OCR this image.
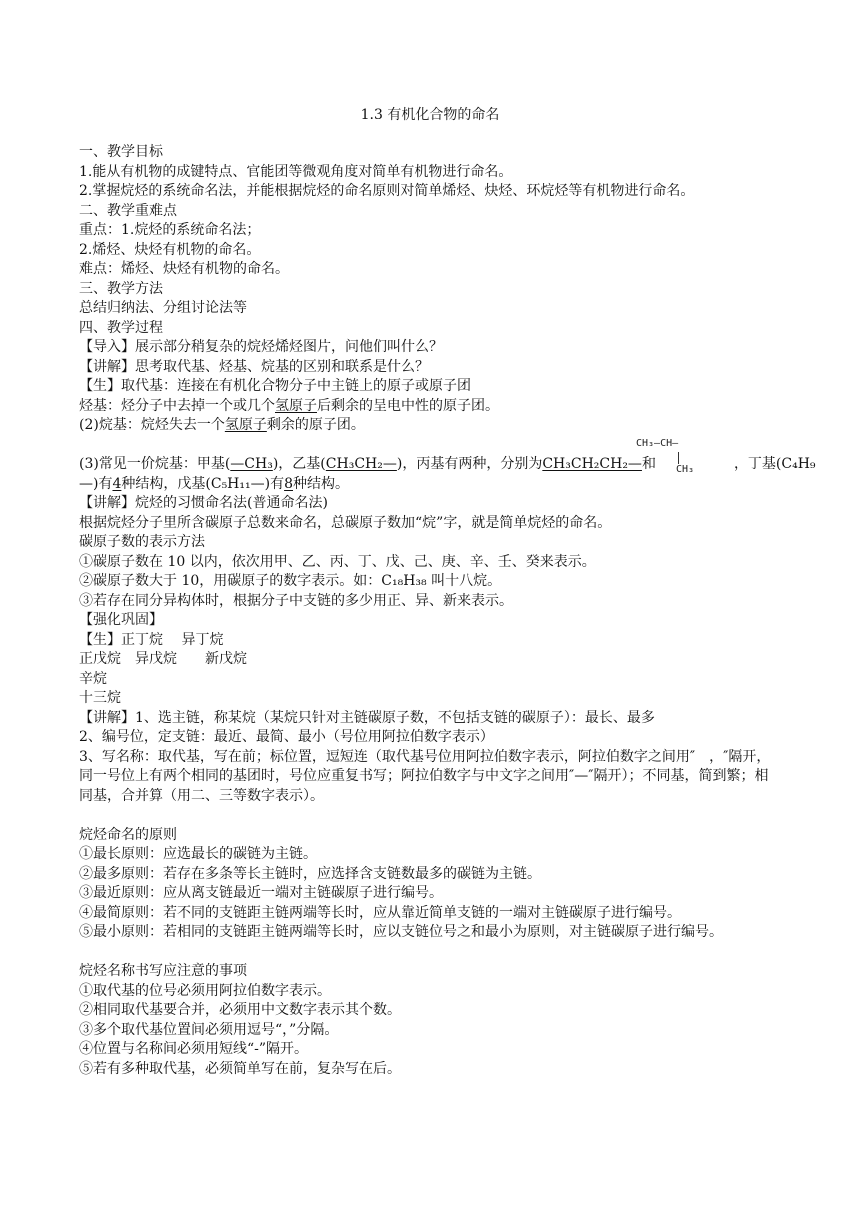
1.3 有机化合物的命名
一、教学目标
1.能从有机物的成键特点、官能团等微观角度对简单有机物进行命名。
2.掌握烷烃的系统命名法，并能根据烷烃的命名原则对简单烯烃、炔烃、环烷烃等有机物进行命名。
二、教学重难点
重点：1.烷烃的系统命名法；
2.烯烃、炔烃有机物的命名。
难点：烯烃、炔烃有机物的命名。
三、教学方法
总结归纳法、分组讨论法等
四、教学过程
【导入】展示部分稍复杂的烷烃烯烃图片，问他们叫什么？
【讲解】思考取代基、烃基、烷基的区别和联系是什么？
【生】取代基：连接在有机化合物分子中主链上的原子或原子团
烃基：烃分子中去掉一个或几个氢原子后剩余的呈电中性的原子团。
(2)烷基：烷烃失去一个氢原子剩余的原子团。
(3)常见一价烷基：甲基(—CH₃)，乙基(CH₃CH₂—)，丙基有两种，分别为CH₃CH₂CH₂—和	，丁基(C₄H₉
—)有4种结构，戊基(C₅H₁₁—)有8种结构。
【讲解】烷烃的习惯命名法(普通命名法)
根据烷烃分子里所含碳原子总数来命名，总碳原子数加“烷”字，就是简单烷烃的命名。
碳原子数的表示方法
①碳原子数在 10 以内，依次用甲、乙、丙、丁、戊、己、庚、辛、壬、癸来表示。
②碳原子数大于 10，用碳原子的数字表示。如：C₁₈H₃₈ 叫十八烷。
③若存在同分异构体时，根据分子中支链的多少用正、异、新来表示。
【强化巩固】
【生】正丁烷　 异丁烷
正戊烷　异戊烷　　新戊烷
辛烷
十三烷
【讲解】1、选主链，称某烷（某烷只针对主链碳原子数，不包括支链的碳原子）：最长、最多
2、编号位，定支链：最近、最简、最小（号位用阿拉伯数字表示）
3、写名称：取代基，写在前；标位置，逗短连（取代基号位用阿拉伯数字表示，阿拉伯数字之间用″　，″隔开，同一号位上有两个相同的基团时，号位应重复书写；阿拉伯数字与中文字之间用″—″隔开）；不同基，简到繁；相同基，合并算（用二、三等数字表示）。
烷烃命名的原则
①最长原则：应选最长的碳链为主链。
②最多原则：若存在多条等长主链时，应选择含支链数最多的碳链为主链。
③最近原则：应从离支链最近一端对主链碳原子进行编号。
④最简原则：若不同的支链距主链两端等长时，应从靠近简单支链的一端对主链碳原子进行编号。
⑤最小原则：若相同的支链距主链两端等长时，应以支链位号之和最小为原则，对主链碳原子进行编号。
烷烃名称书写应注意的事项
①取代基的位号必须用阿拉伯数字表示。
②相同取代基要合并，必须用中文数字表示其个数。
③多个取代基位置间必须用逗号“，”分隔。
④位置与名称间必须用短线“-”隔开。
⑤若有多种取代基，必须简单写在前，复杂写在后。
CH₃—CH—
CH₃
